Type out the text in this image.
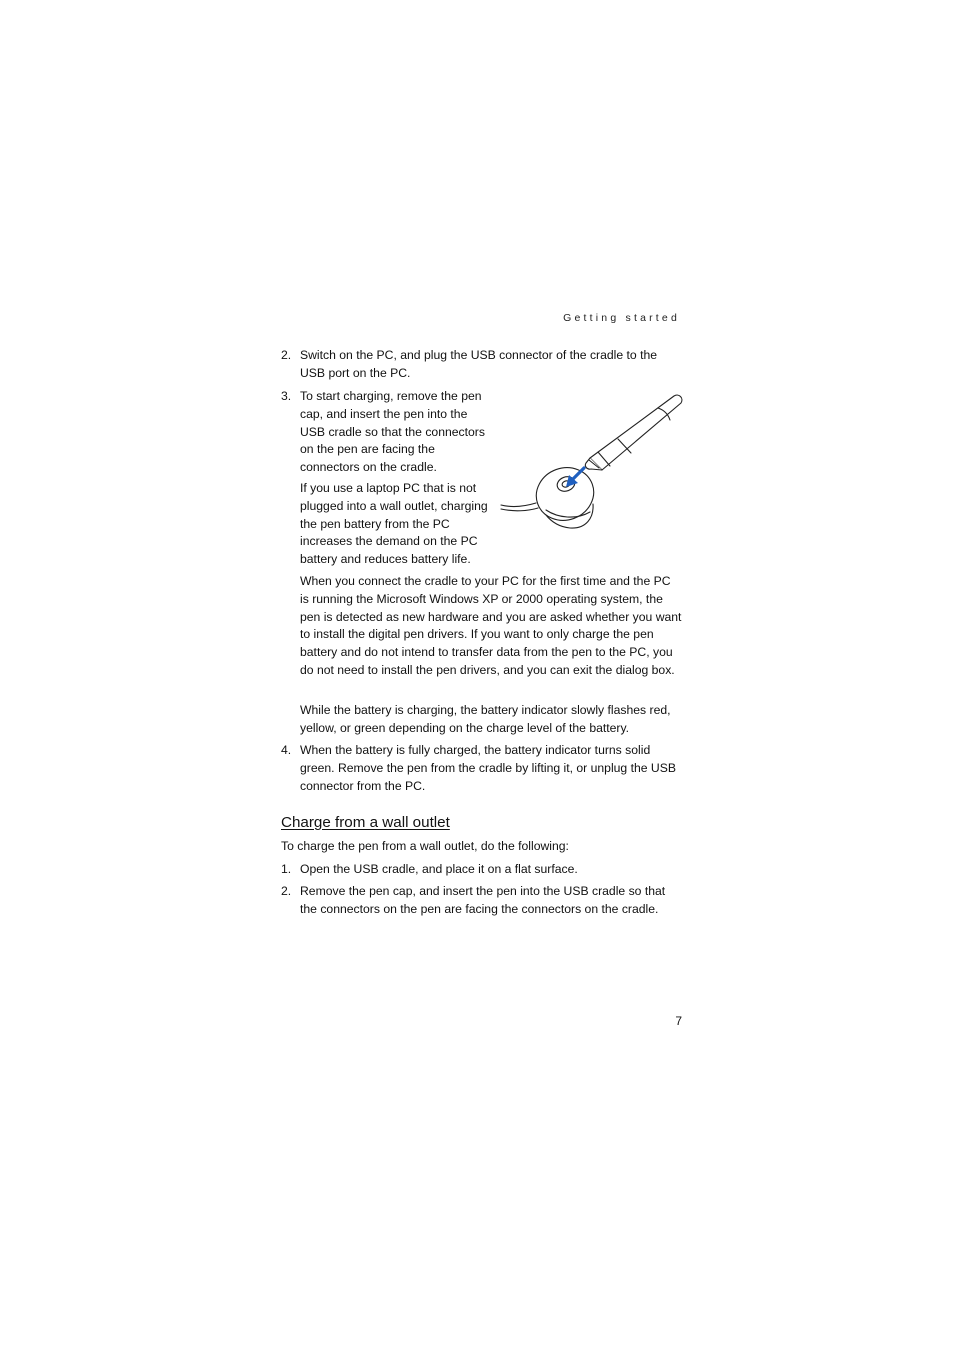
Getting started
2. Switch on the PC, and plug the USB connector of the cradle to the USB port on the PC.
3. To start charging, remove the pen cap, and insert the pen into the USB cradle so that the connectors on the pen are facing the connectors on the cradle.
If you use a laptop PC that is not plugged into a wall outlet, charging the pen battery from the PC increases the demand on the PC battery and reduces battery life.
When you connect the cradle to your PC for the first time and the PC is running the Microsoft Windows XP or 2000 operating system, the pen is detected as new hardware and you are asked whether you want to install the digital pen drivers. If you want to only charge the pen battery and do not intend to transfer data from the pen to the PC, you do not need to install the pen drivers, and you can exit the dialog box.
While the battery is charging, the battery indicator slowly flashes red, yellow, or green depending on the charge level of the battery.
4. When the battery is fully charged, the battery indicator turns solid green. Remove the pen from the cradle by lifting it, or unplug the USB connector from the PC.
Charge from a wall outlet
To charge the pen from a wall outlet, do the following:
1. Open the USB cradle, and place it on a flat surface.
2. Remove the pen cap, and insert the pen into the USB cradle so that the connectors on the pen are facing the connectors on the cradle.
7
